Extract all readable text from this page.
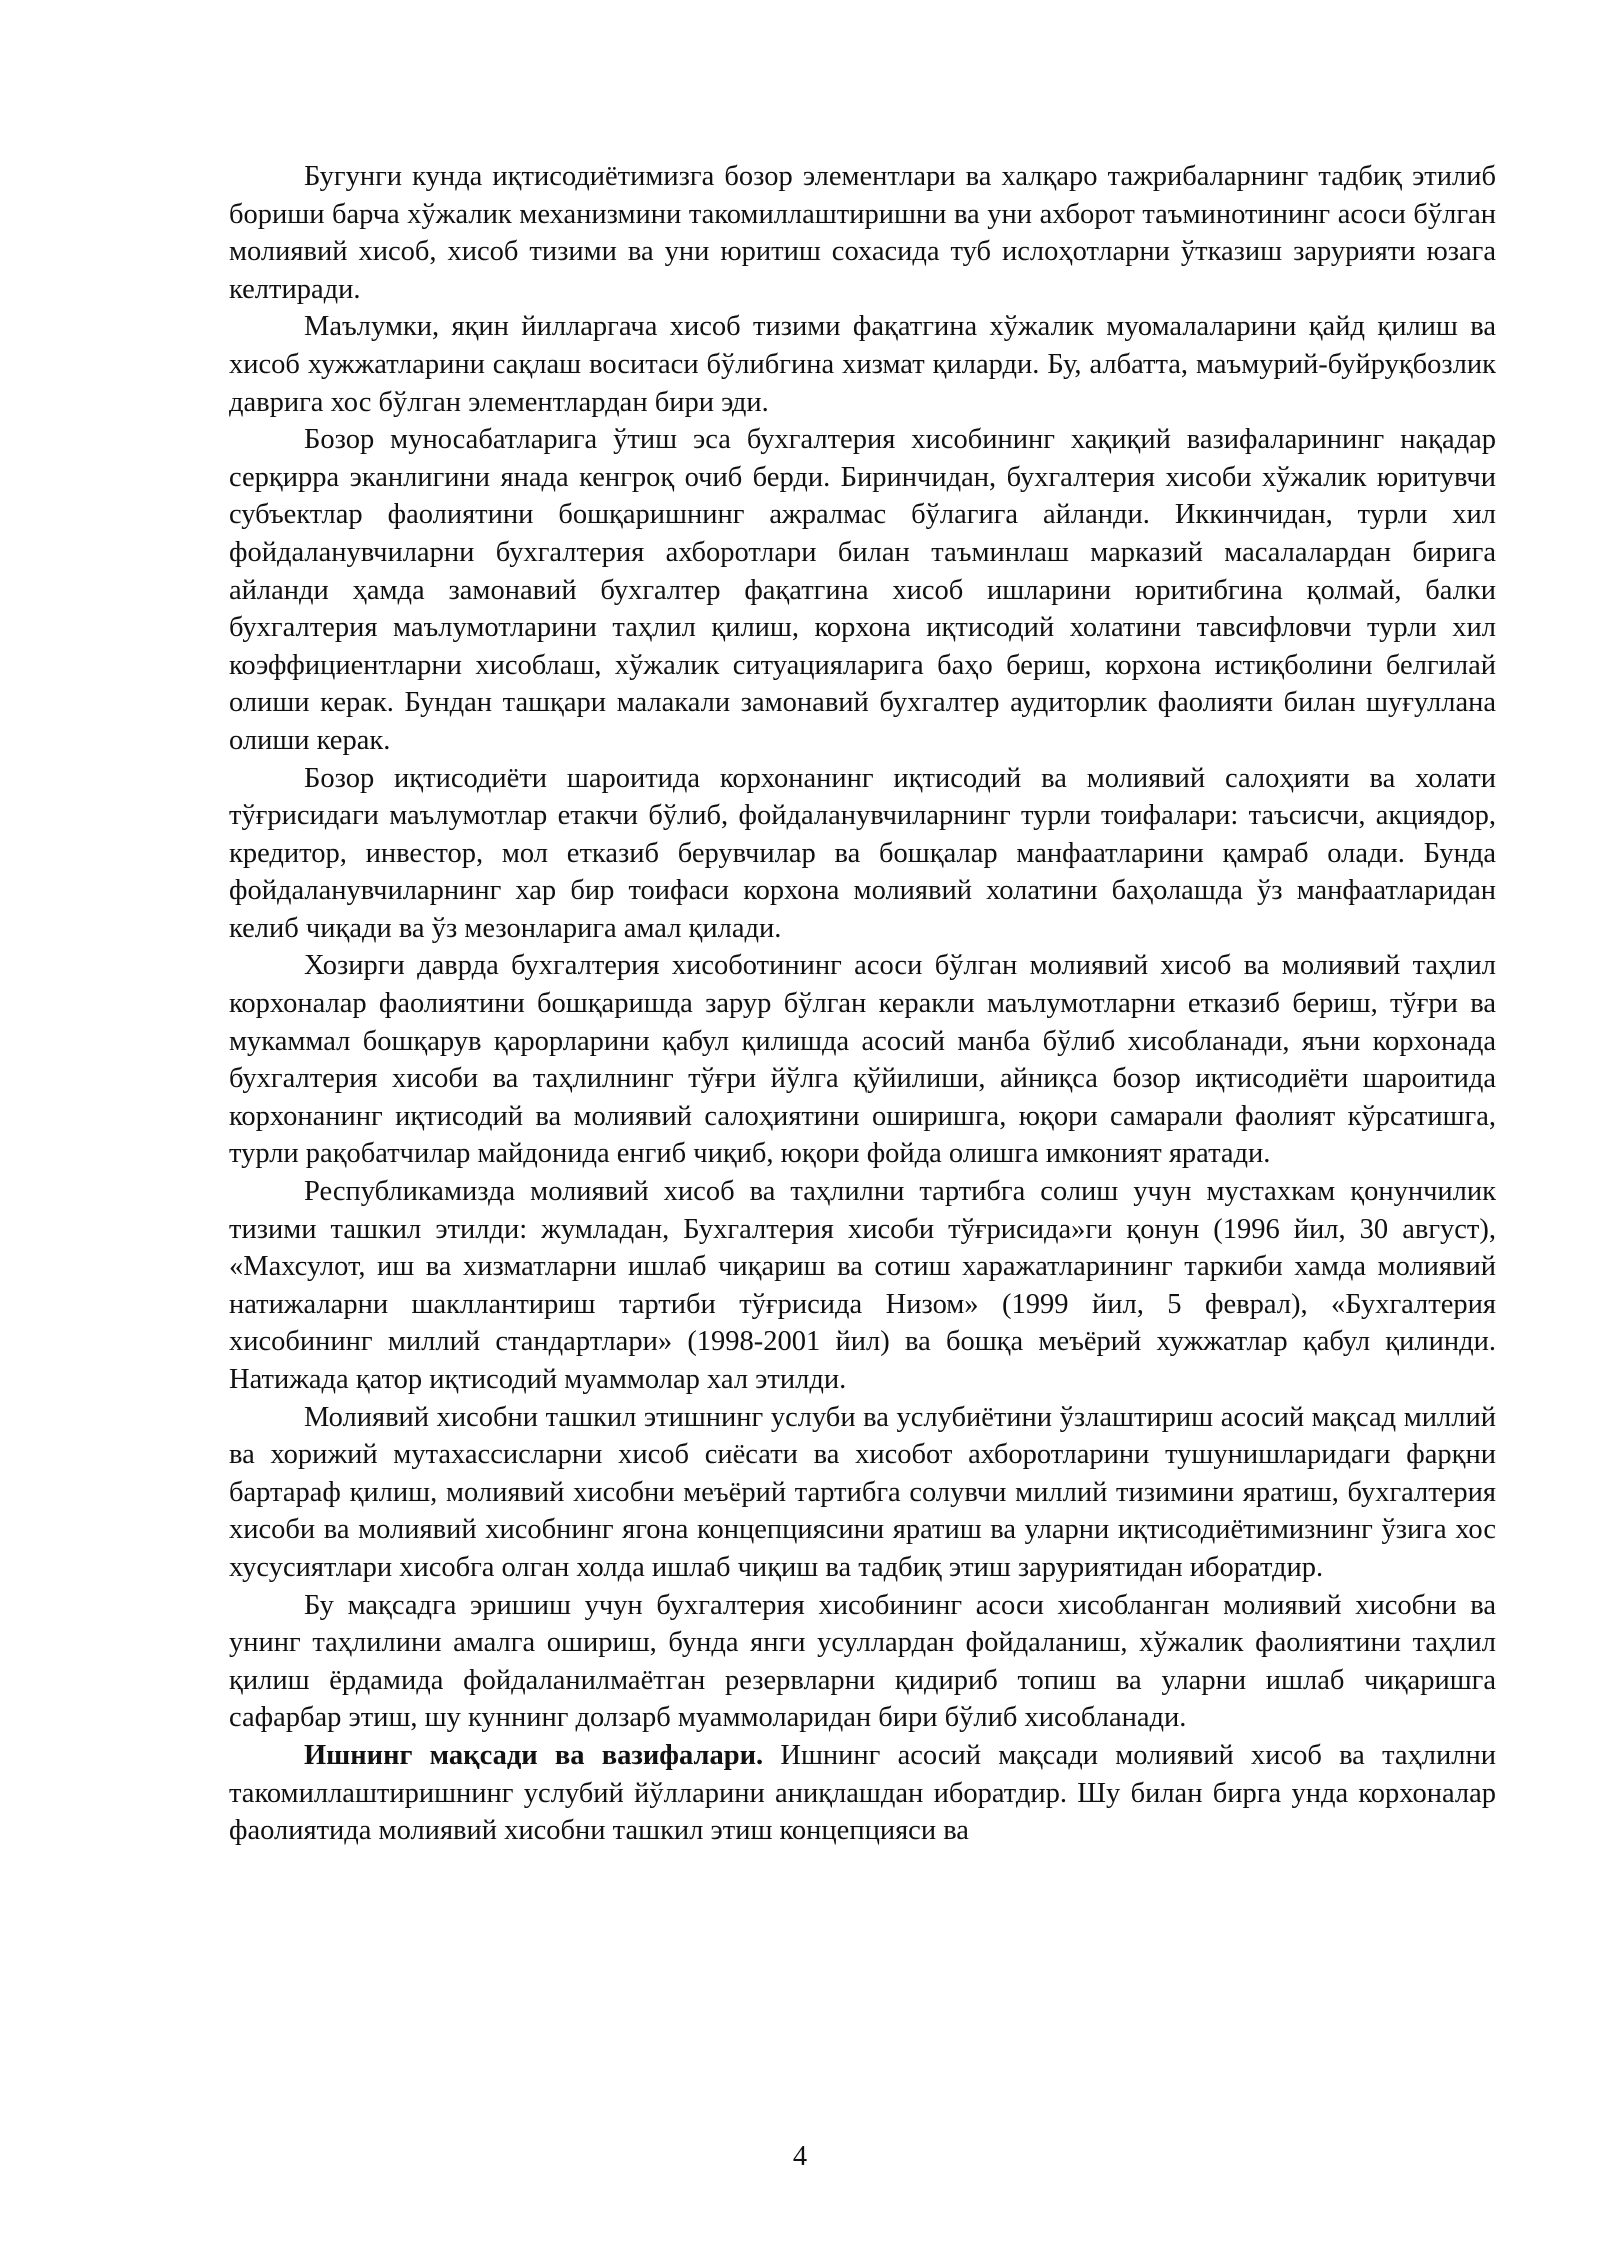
Бугунги кунда иқтисодиётимизга бозор элементлари ва халқаро тажрибаларнинг тадбиқ этилиб бориши барча хўжалик механизмини такомиллаштиришни ва уни ахборот таъминотининг асоси бўлган молиявий хисоб, хисоб тизими ва уни юритиш сохасида туб ислоҳотларни ўтказиш зарурияти юзага келтиради.

Маълумки, яқин йилларгача хисоб тизими фақатгина хўжалик муомалаларини қайд қилиш ва хисоб хужжатларини сақлаш воситаси бўлибгина хизмат қиларди. Бу, албатта, маъмурий-буйруқбозлик даврига хос бўлган элементлардан бири эди.

Бозор муносабатларига ўтиш эса бухгалтерия хисобининг хақиқий вазифаларининг нақадар серқирра эканлигини янада кенгроқ очиб берди. Биринчидан, бухгалтерия хисоби хўжалик юритувчи субъектлар фаолиятини бошқаришнинг ажралмас бўлагига айланди. Иккинчидан, турли хил фойдаланувчиларни бухгалтерия ахборотлари билан таъминлаш марказий масалалардан бирига айланди ҳамда замонавий бухгалтер фақатгина хисоб ишларини юритибгина қолмай, балки бухгалтерия маълумотларини таҳлил қилиш, корхона иқтисодий холатини тавсифловчи турли хил коэффициентларни хисоблаш, хўжалик ситуацияларига баҳо бериш, корхона истиқболини белгилай олиши керак. Бундан ташқари малакали замонавий бухгалтер аудиторлик фаолияти билан шуғуллана олиши керак.

Бозор иқтисодиёти шароитида корхонанинг иқтисодий ва молиявий салоҳияти ва холати тўғрисидаги маълумотлар етакчи бўлиб, фойдаланувчиларнинг турли тоифалари: таъсисчи, акциядор, кредитор, инвестор, мол етказиб берувчилар ва бошқалар манфаатларини қамраб олади. Бунда фойдаланувчиларнинг хар бир тоифаси корхона молиявий холатини баҳолашда ўз манфаатларидан келиб чиқади ва ўз мезонларига амал қилади.

Хозирги даврда бухгалтерия хисоботининг асоси бўлган молиявий хисоб ва молиявий таҳлил корхоналар фаолиятини бошқаришда зарур бўлган керакли маълумотларни етказиб бериш, тўғри ва мукаммал бошқарув қарорларини қабул қилишда асосий манба бўлиб хисобланади, яъни корхонада бухгалтерия хисоби ва таҳлилнинг тўғри йўлга қўйилиши, айниқса бозор иқтисодиёти шароитида корхонанинг иқтисодий ва молиявий салоҳиятини оширишга, юқори самарали фаолият кўрсатишга, турли рақобатчилар майдонида енгиб чиқиб, юқори фойда олишга имконият яратади.

Республикамизда молиявий хисоб ва таҳлилни тартибга солиш учун мустахкам қонунчилик тизими ташкил этилди: жумладан, Бухгалтерия хисоби тўғрисида»ги қонун (1996 йил, 30 август), «Махсулот, иш ва хизматларни ишлаб чиқариш ва сотиш харажатларининг таркиби хамда молиявий натижаларни шакллантириш тартиби тўғрисида Низом» (1999 йил, 5 феврал), «Бухгалтерия хисобининг миллий стандартлари» (1998-2001 йил) ва бошқа меъёрий хужжатлар қабул қилинди. Натижада қатор иқтисодий муаммолар хал этилди.

Молиявий хисобни ташкил этишнинг услуби ва услубиётини ўзлаштириш асосий мақсад миллий ва хорижий мутахассисларни хисоб сиёсати ва хисобот ахборотларини тушунишларидаги фарқни бартараф қилиш, молиявий хисобни меъёрий тартибга солувчи миллий тизимини яратиш, бухгалтерия хисоби ва молиявий хисобнинг ягона концепциясини яратиш ва уларни иқтисодиётимизнинг ўзига хос хусусиятлари хисобга олган холда ишлаб чиқиш ва тадбиқ этиш заруриятидан иборатдир.

Бу мақсадга эришиш учун бухгалтерия хисобининг асоси хисобланган молиявий хисобни ва унинг таҳлилини амалга ошириш, бунда янги усуллардан фойдаланиш, хўжалик фаолиятини таҳлил қилиш ёрдамида фойдаланилмаётган резервларни қидириб топиш ва уларни ишлаб чиқаришга сафарбар этиш, шу куннинг долзарб муаммоларидан бири бўлиб хисобланади.

Ишнинг мақсади ва вазифалари. Ишнинг асосий мақсади молиявий хисоб ва таҳлилни такомиллаштиришнинг услубий йўлларини аниқлашдан иборатдир. Шу билан бирга унда корхоналар фаолиятида молиявий хисобни ташкил этиш концепцияси ва

4
